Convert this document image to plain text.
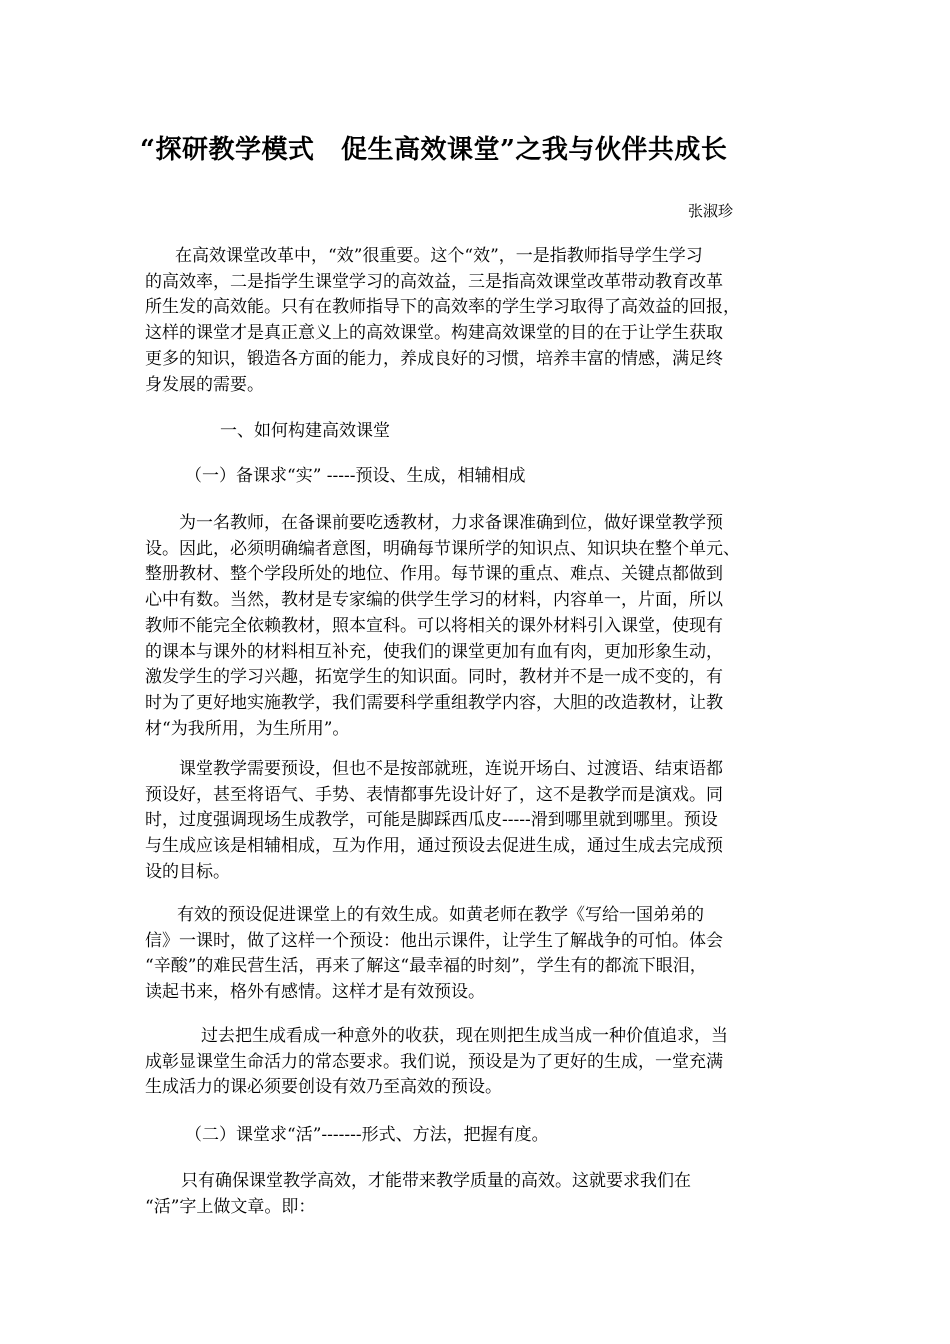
“探研教学模式　促生高效课堂”之我与伙伴共成长
张淑珍
在高效课堂改革中，“效”很重要。这个“效”，一是指教师指导学生学习
的高效率，二是指学生课堂学习的高效益，三是指高效课堂改革带动教育改革
所生发的高效能。只有在教师指导下的高效率的学生学习取得了高效益的回报，
这样的课堂才是真正意义上的高效课堂。构建高效课堂的目的在于让学生获取
更多的知识，锻造各方面的能力，养成良好的习惯，培养丰富的情感，满足终
身发展的需要。
一、如何构建高效课堂
（一）备课求“实” -----预设、生成，相辅相成
为一名教师，在备课前要吃透教材，力求备课准确到位，做好课堂教学预
设。因此，必须明确编者意图，明确每节课所学的知识点、知识块在整个单元、
整册教材、整个学段所处的地位、作用。每节课的重点、难点、关键点都做到
心中有数。当然，教材是专家编的供学生学习的材料，内容单一，片面，所以
教师不能完全依赖教材，照本宣科。可以将相关的课外材料引入课堂，使现有
的课本与课外的材料相互补充，使我们的课堂更加有血有肉，更加形象生动，
激发学生的学习兴趣，拓宽学生的知识面。同时，教材并不是一成不变的，有
时为了更好地实施教学，我们需要科学重组教学内容，大胆的改造教材，让教
材“为我所用，为生所用”。
课堂教学需要预设，但也不是按部就班，连说开场白、过渡语、结束语都
预设好，甚至将语气、手势、表情都事先设计好了，这不是教学而是演戏。同
时，过度强调现场生成教学，可能是脚踩西瓜皮-----滑到哪里就到哪里。预设
与生成应该是相辅相成，互为作用，通过预设去促进生成，通过生成去完成预
设的目标。
有效的预设促进课堂上的有效生成。如黄老师在教学《写给一国弟弟的
信》一课时，做了这样一个预设：他出示课件，让学生了解战争的可怕。体会
“辛酸”的难民营生活，再来了解这“最幸福的时刻”，学生有的都流下眼泪，
读起书来，格外有感情。这样才是有效预设。
过去把生成看成一种意外的收获，现在则把生成当成一种价值追求，当
成彰显课堂生命活力的常态要求。我们说，预设是为了更好的生成，一堂充满
生成活力的课必须要创设有效乃至高效的预设。
（二）课堂求“活”-------形式、方法，把握有度。
只有确保课堂教学高效，才能带来教学质量的高效。这就要求我们在
“活”字上做文章。即：
